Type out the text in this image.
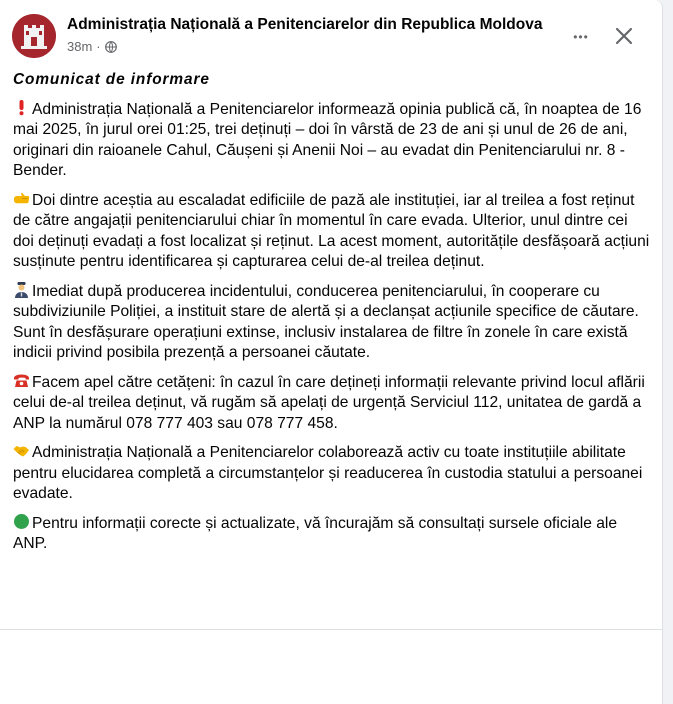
Administrația Națională a Penitenciarelor din Republica Moldova
38m ·
•••

Comunicat de informare

Administrația Națională a Penitenciarelor informează opinia publică că, în noaptea de 16 mai 2025, în jurul orei 01:25, trei deținuți – doi în vârstă de 23 de ani și unul de 26 de ani, originari din raioanele Cahul, Căușeni și Anenii Noi – au evadat din Penitenciarului nr. 8 - Bender.

Doi dintre aceștia au escaladat edificiile de pază ale instituției, iar al treilea a fost reținut de către angajații penitenciarului chiar în momentul în care evada. Ulterior, unul dintre cei doi deținuți evadați a fost localizat și reținut. La acest moment, autoritățile desfășoară acțiuni susținute pentru identificarea și capturarea celui de-al treilea deținut.

Imediat după producerea incidentului, conducerea penitenciarului, în cooperare cu subdiviziunile Poliției, a instituit stare de alertă și a declanșat acțiunile specifice de căutare. Sunt în desfășurare operațiuni extinse, inclusiv instalarea de filtre în zonele în care există indicii privind posibila prezență a persoanei căutate.

Facem apel către cetățeni: în cazul în care dețineți informații relevante privind locul aflării celui de-al treilea deținut, vă rugăm să apelați de urgență Serviciul 112, unitatea de gardă a ANP la numărul 078 777 403 sau 078 777 458.

Administrația Națională a Penitenciarelor colaborează activ cu toate instituțiile abilitate pentru elucidarea completă a circumstanțelor și readucerea în custodia statului a persoanei evadate.

Pentru informații corecte și actualizate, vă încurajăm să consultați sursele oficiale ale ANP.
